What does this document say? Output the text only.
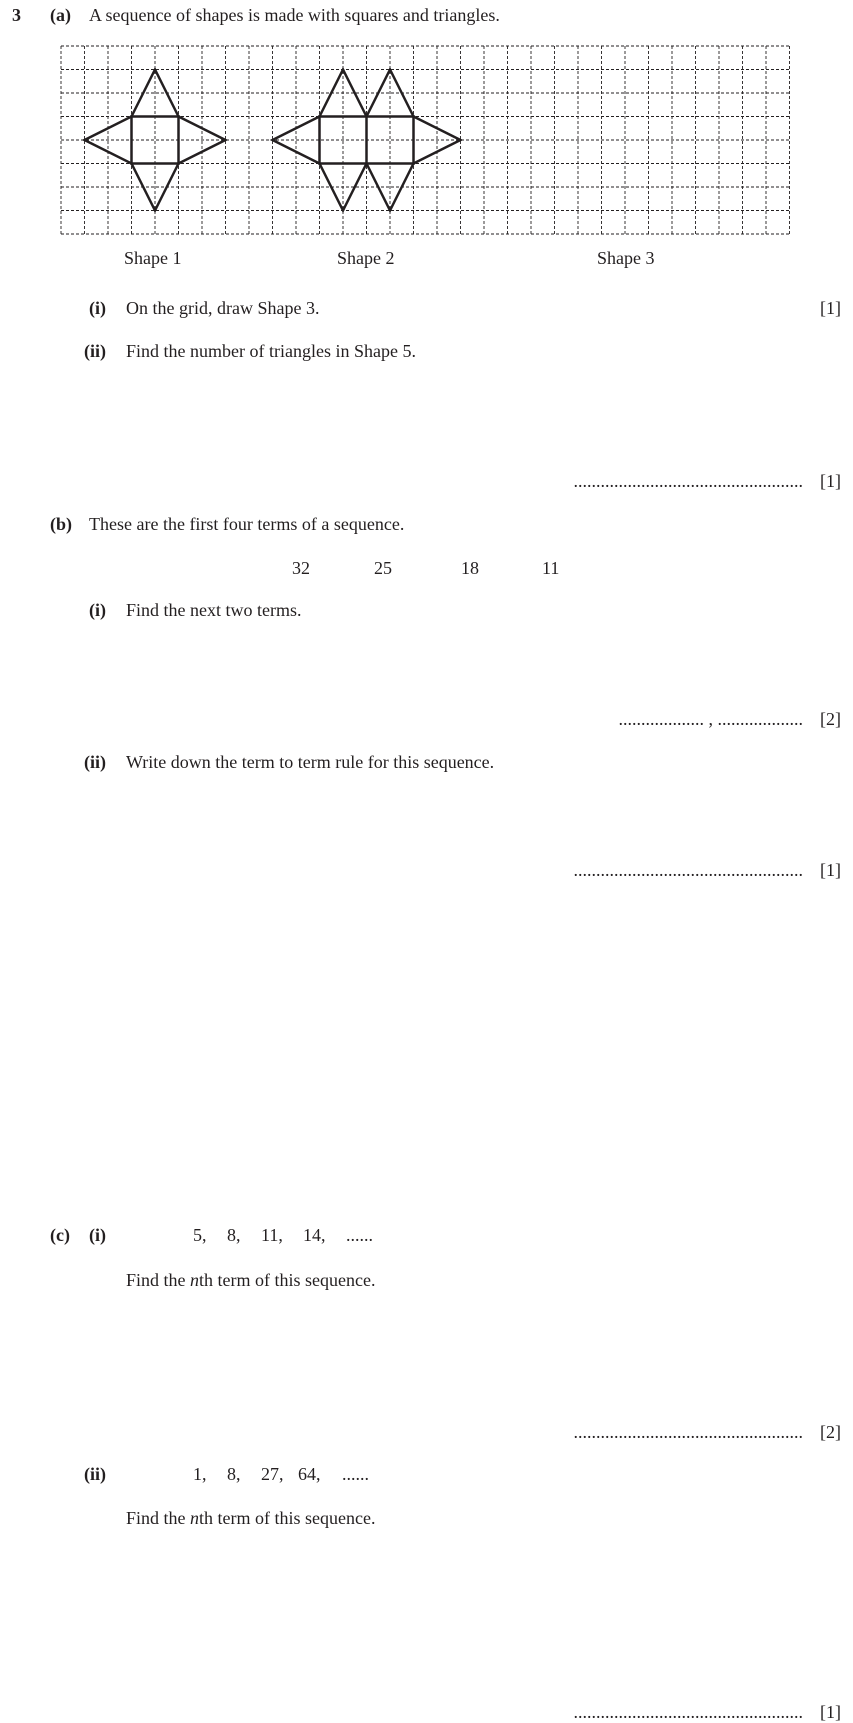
3 (a) A sequence of shapes is made with squares and triangles.
Shape 1	Shape 2	Shape 3
(i) On the grid, draw Shape 3.	[1]
(ii) Find the number of triangles in Shape 5.
................................................... [1]
(b) These are the first four terms of a sequence.
32	25	18	11
(i) Find the next two terms.
................... , ................... [2]
(ii) Write down the term to term rule for this sequence.
................................................... [1]
(c) (i)	5, 8, 11, 14, ......
Find the nth term of this sequence.
................................................... [2]
(ii)	1, 8, 27, 64, ......
Find the nth term of this sequence.
................................................... [1]
